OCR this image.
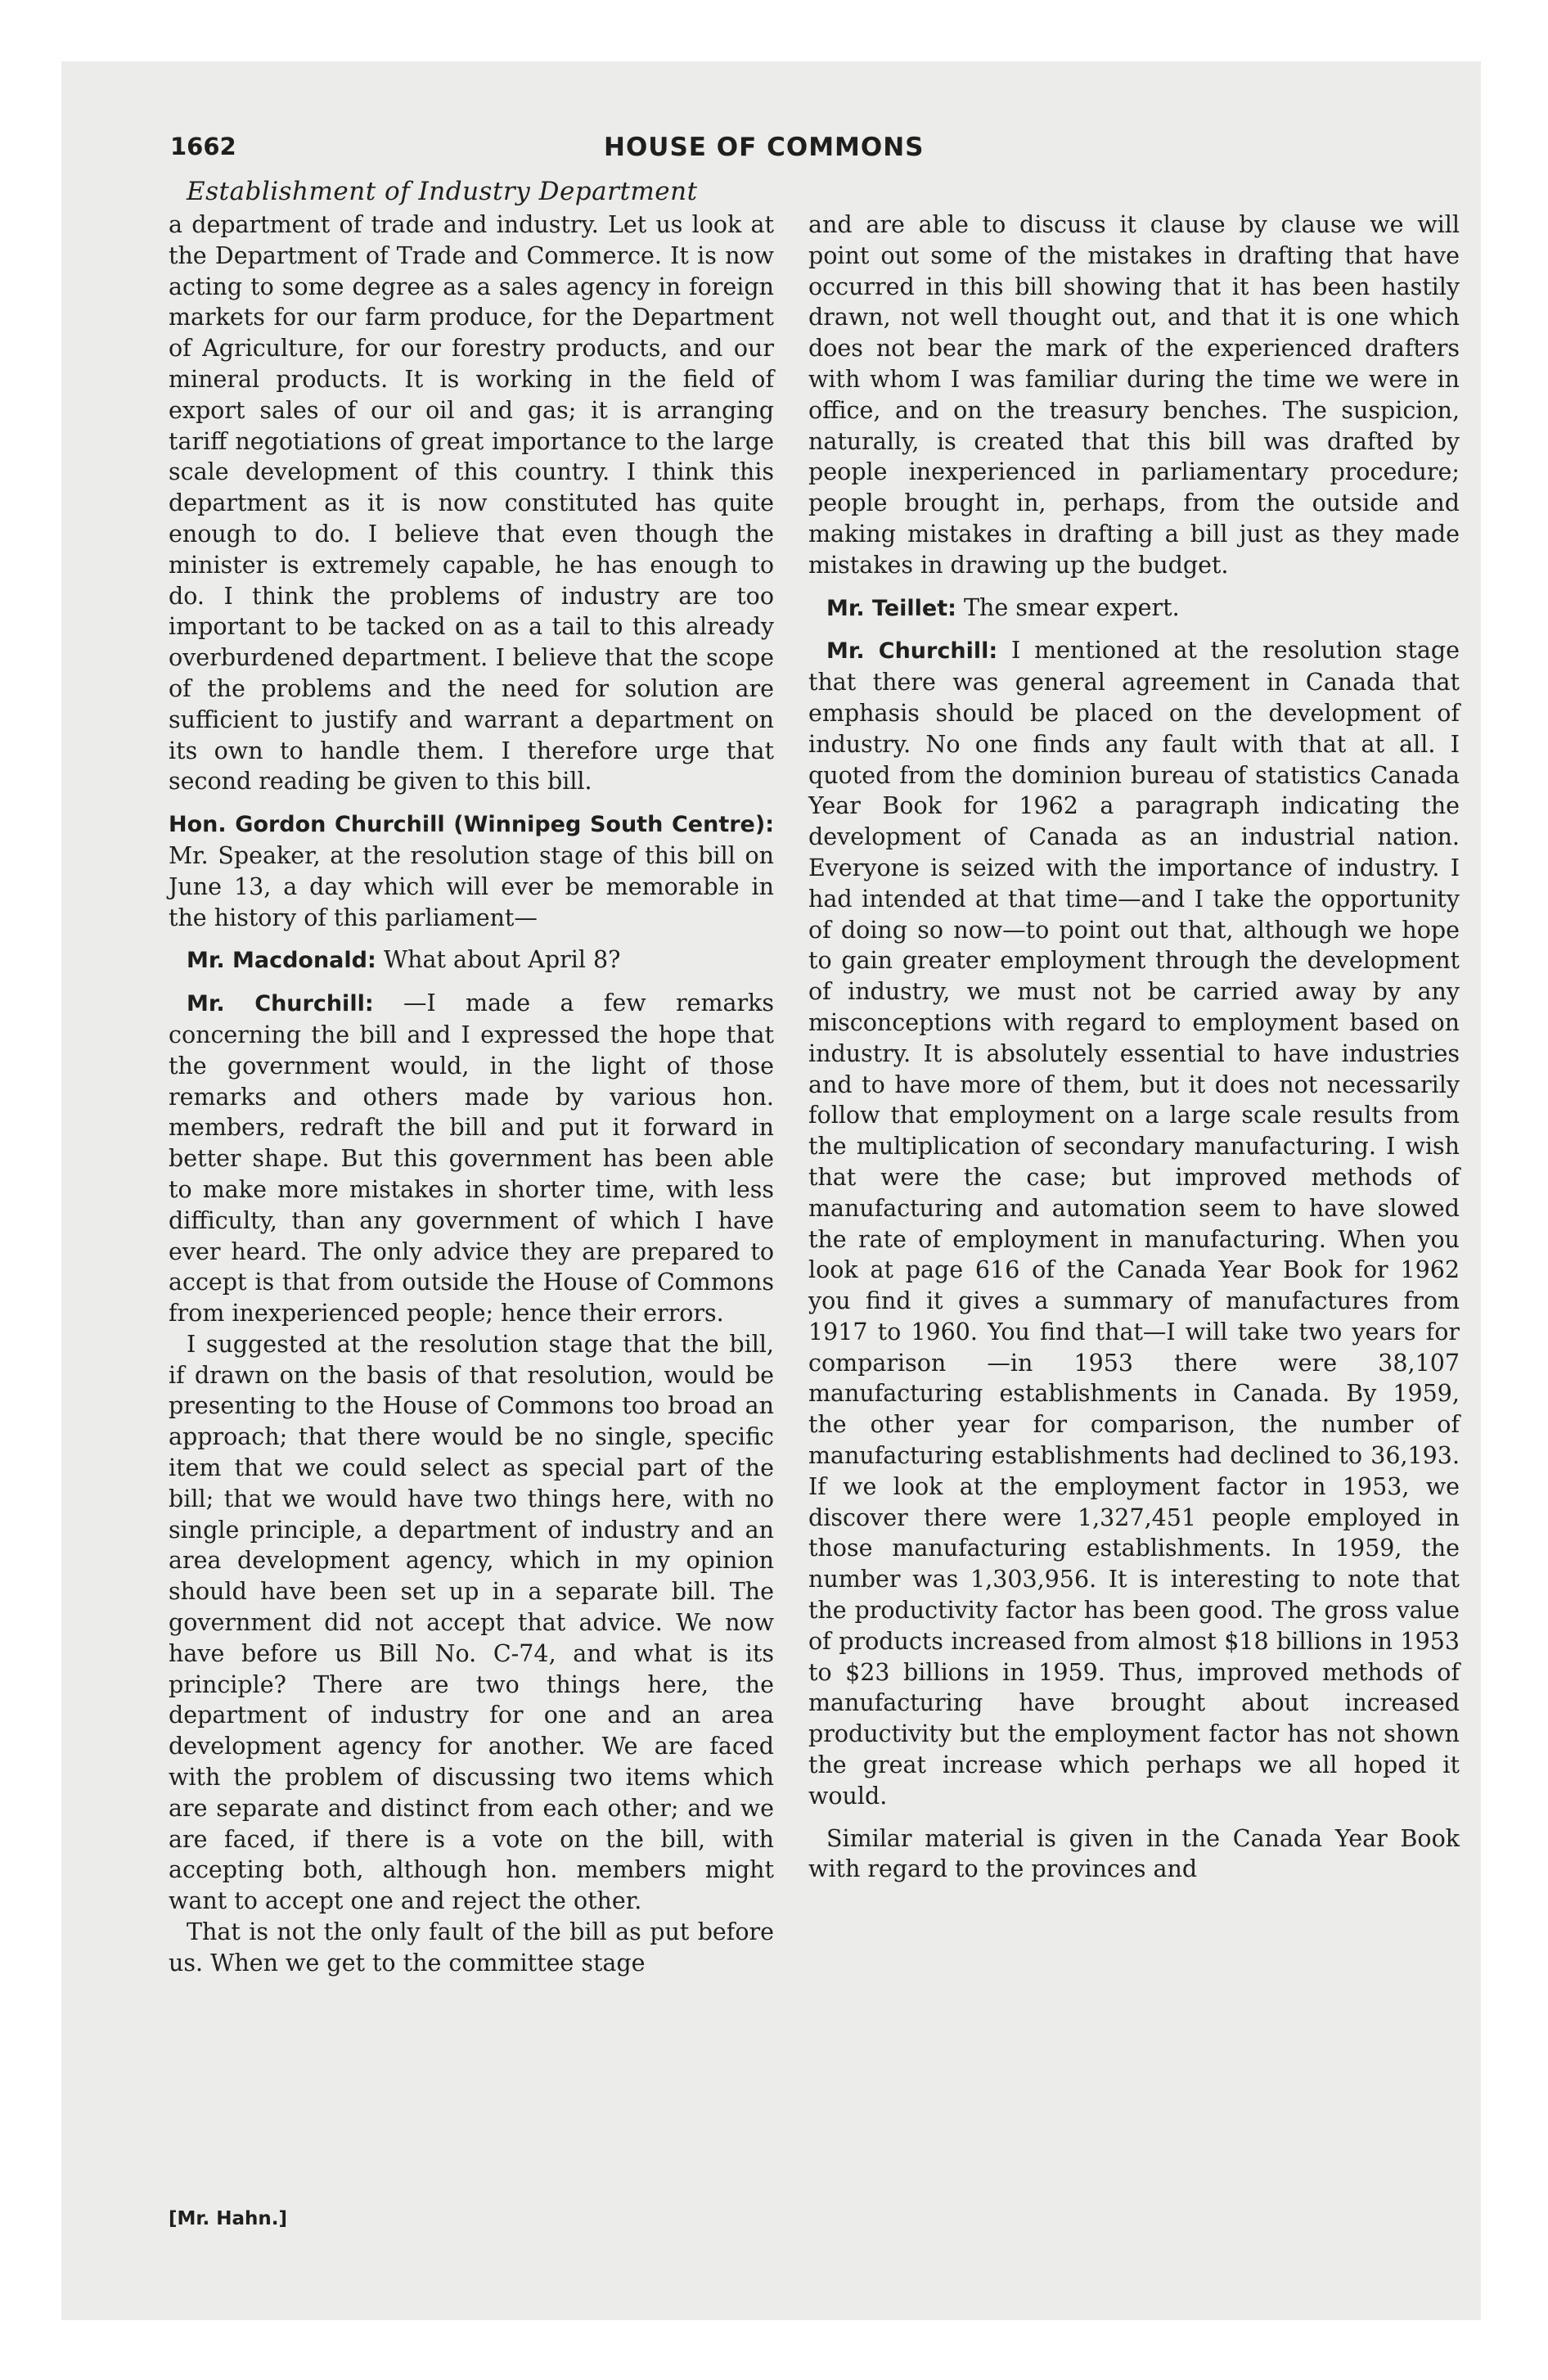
1662	HOUSE OF COMMONS
Establishment of Industry Department

a department of trade and industry. Let us look at the Department of Trade and Commerce. It is now acting to some degree as a sales agency in foreign markets for our farm produce, for the Department of Agriculture, for our forestry products, and our mineral products. It is working in the field of export sales of our oil and gas; it is arranging tariff negotiations of great importance to the large scale development of this country. I think this department as it is now constituted has quite enough to do. I believe that even though the minister is extremely capable, he has enough to do. I think the problems of industry are too important to be tacked on as a tail to this already overburdened department. I believe that the scope of the problems and the need for solution are sufficient to justify and warrant a department on its own to handle them. I therefore urge that second reading be given to this bill.

Hon. Gordon Churchill (Winnipeg South Centre): Mr. Speaker, at the resolution stage of this bill on June 13, a day which will ever be memorable in the history of this parliament—

Mr. Macdonald: What about April 8?

Mr. Churchill: —I made a few remarks concerning the bill and I expressed the hope that the government would, in the light of those remarks and others made by various hon. members, redraft the bill and put it forward in better shape. But this government has been able to make more mistakes in shorter time, with less difficulty, than any government of which I have ever heard. The only advice they are prepared to accept is that from outside the House of Commons from inexperienced people; hence their errors.

I suggested at the resolution stage that the bill, if drawn on the basis of that resolution, would be presenting to the House of Commons too broad an approach; that there would be no single, specific item that we could select as special part of the bill; that we would have two things here, with no single principle, a department of industry and an area development agency, which in my opinion should have been set up in a separate bill. The government did not accept that advice. We now have before us Bill No. C-74, and what is its principle? There are two things here, the department of industry for one and an area development agency for another. We are faced with the problem of discussing two items which are separate and distinct from each other; and we are faced, if there is a vote on the bill, with accepting both, although hon. members might want to accept one and reject the other.

That is not the only fault of the bill as put before us. When we get to the committee stage

and are able to discuss it clause by clause we will point out some of the mistakes in drafting that have occurred in this bill showing that it has been hastily drawn, not well thought out, and that it is one which does not bear the mark of the experienced drafters with whom I was familiar during the time we were in office, and on the treasury benches. The suspicion, naturally, is created that this bill was drafted by people inexperienced in parliamentary procedure; people brought in, perhaps, from the outside and making mistakes in drafting a bill just as they made mistakes in drawing up the budget.

Mr. Teillet: The smear expert.

Mr. Churchill: I mentioned at the resolution stage that there was general agreement in Canada that emphasis should be placed on the development of industry. No one finds any fault with that at all. I quoted from the dominion bureau of statistics Canada Year Book for 1962 a paragraph indicating the development of Canada as an industrial nation. Everyone is seized with the importance of industry. I had intended at that time—and I take the opportunity of doing so now—to point out that, although we hope to gain greater employment through the development of industry, we must not be carried away by any misconceptions with regard to employment based on industry. It is absolutely essential to have industries and to have more of them, but it does not necessarily follow that employment on a large scale results from the multiplication of secondary manufacturing. I wish that were the case; but improved methods of manufacturing and automation seem to have slowed the rate of employment in manufacturing. When you look at page 616 of the Canada Year Book for 1962 you find it gives a summary of manufactures from 1917 to 1960. You find that—I will take two years for comparison —in 1953 there were 38,107 manufacturing establishments in Canada. By 1959, the other year for comparison, the number of manufacturing establishments had declined to 36,193. If we look at the employment factor in 1953, we discover there were 1,327,451 people employed in those manufacturing establishments. In 1959, the number was 1,303,956. It is interesting to note that the productivity factor has been good. The gross value of products increased from almost $18 billions in 1953 to $23 billions in 1959. Thus, improved methods of manufacturing have brought about increased productivity but the employment factor has not shown the great increase which perhaps we all hoped it would.

Similar material is given in the Canada Year Book with regard to the provinces and

[Mr. Hahn.]
